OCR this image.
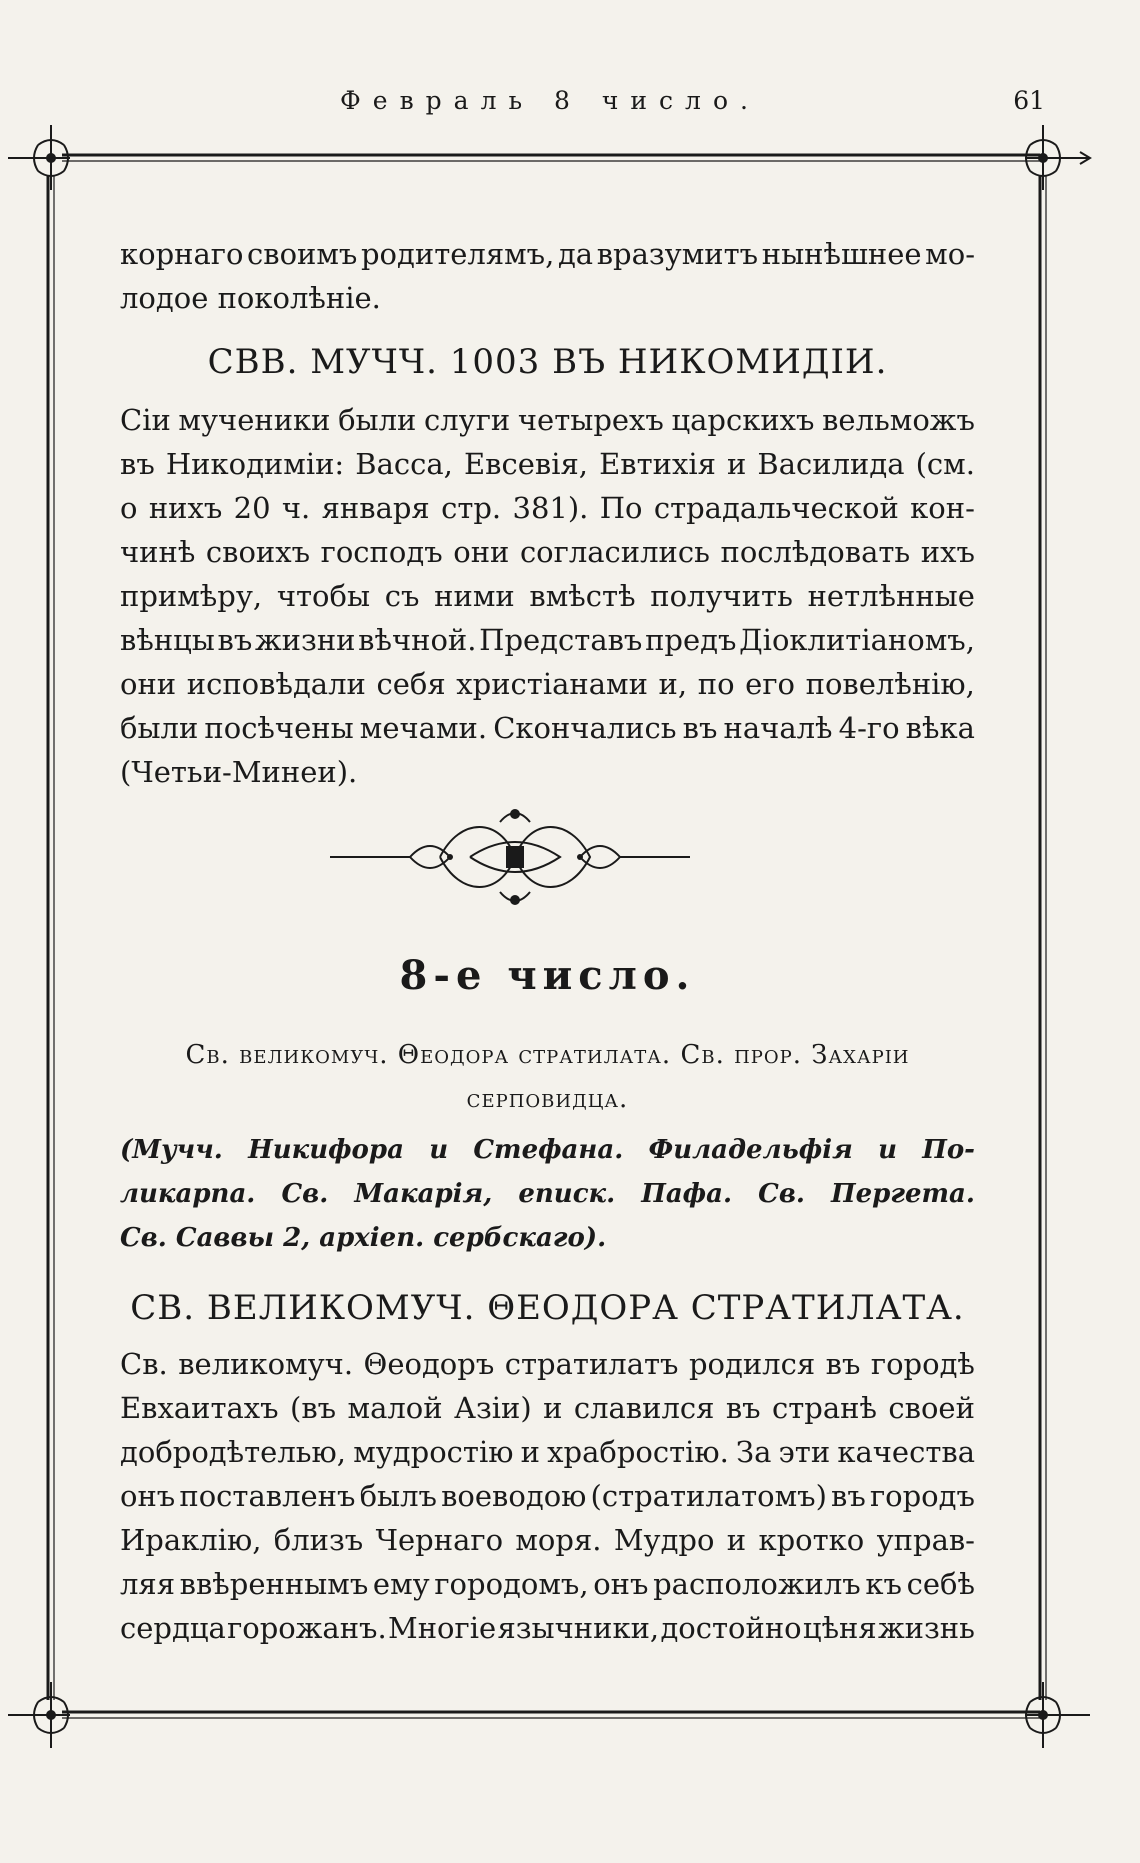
Февраль 8 число.	61
корнаго своимъ родителямъ, да вразумитъ нынѣшнее мо-
лодое поколѣніе.
СВВ. МУЧЧ. 1003 ВЪ НИКОМИДІИ.
Сіи мученики были слуги четырехъ царскихъ вельможъ
въ Никодиміи: Васса, Евсевія, Евтихія и Василида (см.
о нихъ 20 ч. января стр. 381). По страдальческой кон-
чинѣ своихъ господъ они согласились послѣдовать ихъ
примѣру, чтобы съ ними вмѣстѣ получить нетлѣнные
вѣнцы въ жизни вѣчной. Представъ предъ Діоклитіаномъ,
они исповѣдали себя христіанами и, по его повелѣнію,
были посѣчены мечами. Скончались въ началѣ 4-го вѣка
(Четьи-Минеи).
8-е число.
Св. великомуч. Θеодора стратилата. Св. прор. Захаріи
серповидца.
(Мучч. Никифора и Стефана. Филадельфія и По-
ликарпа. Св. Макарія, еписк. Пафа. Св. Пергета.
Св. Саввы 2, архіеп. сербскаго).
СВ. ВЕЛИКОМУЧ. ΘЕОДОРА СТРАТИЛАТА.
Св. великомуч. Θеодоръ стратилатъ родился въ городѣ
Евхаитахъ (въ малой Азіи) и славился въ странѣ своей
добродѣтелью, мудростію и храбростію. За эти качества
онъ поставленъ былъ воеводою (стратилатомъ) въ городъ
Ираклію, близъ Чернаго моря. Мудро и кротко управ-
ляя ввѣреннымъ ему городомъ, онъ расположилъ къ себѣ
сердца горожанъ. Многіе язычники, достойно цѣня жизнь
